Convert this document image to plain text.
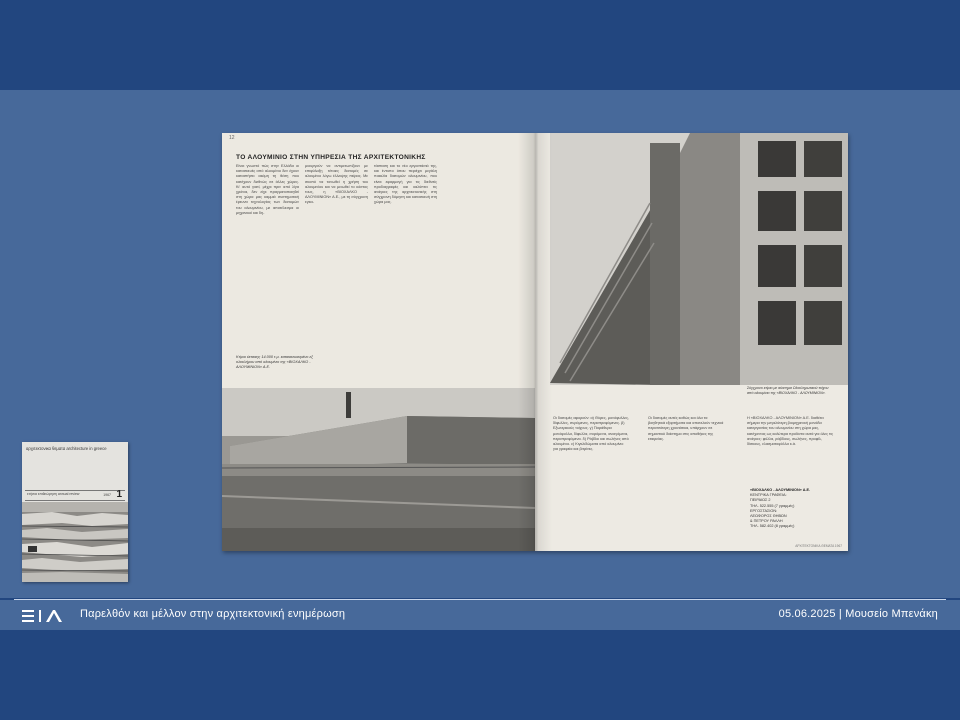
αρχιτεκτονικα θεματα architecture in greece
ετήσια επιθεώρηση annual review	1967 1
12
ΤΟ ΑΛΟΥΜΙΝΙΟ ΣΤΗΝ ΥΠΗΡΕΣΙΑ ΤΗΣ ΑΡΧΙΤΕΚΤΟΝΙΚΗΣ
Είναι γνωστό πώς στην Ελλάδα οι κατασκευές από αλουμίνιο δεν έχουν καταστήσει ακόμη τη θέση που κατέχουν διεθνώς σε άλλες χώρες. Κι' αυτό γιατί, μέχρι πριν από λίγα χρόνια, δεν είχε πραγματοποιηθεί στη χώρα μας καμμιά συστηματική έρευνα τεχνολογίας των διατομών του αλουμινίου, με αποτέλεσμα οι μηχανικοί και δη-
μιουργούν να αντιμετωπίζουν με επιφύλαξη τέτοιες διατομές σε αλουμίνιο λόγω έλλειψης πείρας. Με σκοπό να τονωθεί η χρήση του αλουμινίου και να μειωθεί το κόστος τους, η «ΒΙΟΧΑΛΚΟ - ΑΛΟΥΜΙΝΙΟΝ» Α.Ε., με τη σύγχρονη εγκα-
τάσταση και το νέο εργοστάσιό της, και έντυπο όπου περιέχει μεγάλη ποικιλία διατομών αλουμινίου, που είναι εφαρμογή για τις διεθνείς προδιαγραφές και καλύπτει τις ανάγκες της αρχιτεκτονικής στη σύγχρονη δόμηση και κατασκευή στη χώρα μας.
Κτίριο έκτασης 14.000 τ.μ. κατασκευασμένο εξ ολοκλήρου από αλουμίνιο της «ΒΙΟΧΑΛΚΟ - ΑΛΟΥΜΙΝΙΟΝ» Α.Ε.
Σύγχρονο κτίριο με σύστημα Ολοκληρωτικού τοίχου από αλουμίνιο της «ΒΙΟΧΑΛΚΟ - ΑΛΟΥΜΙΝΙΟΝ».
Οι διατομές αφορούν: α) Θύρες, μονόφυλλες, δίφυλλες, συρόμενες, περιστρεφόμενες. β) Εξωτερικούς τοίχους. γ) Παράθυρα μονόφυλλα, δίφυλλα, συρόμενα, ανοιγόμενα, περιστρεφόμενα. δ) Ράβδοι και σωλήνες από αλουμίνιο. ε) Κιγκλιδώματα από αλουμίνιο για γραφεία και βιτρίνες.
Οι διατομές αυτές καθώς και όλα τα βοηθητικά εξαρτήματα και αποτελούν τεχνικά περισσότερη χρονιάτικα, υπάρχουν σε σημαντικό διάστημα στις αποθήκες της εταιρείας.
Η «ΒΙΟΧΑΛΚΟ - ΑΛΟΥΜΙΝΙΟΝ» Α.Ε. διαθέτει σήμερα την μεγαλύτερη βιομηχανική μονάδα κατεργασίας του αλουμινίου στη χώρα μας, κατέχοντας ως καλύτερα προϊόντα αυτά για όλες τις ανάγκες: φύλλα, ράβδους, σωλήνες, προφίλ, δίσκους, ελασματοφύλλα κ.ά.
«ΒΙΟΧΑΛΚΟ - ΑΛΟΥΜΙΝΙΟΝ» Α.Ε.
ΚΕΝΤΡΙΚΑ ΓΡΑΦΕΙΑ:
ΠΕΙΡΑΙΩΣ 2
ΤΗΛ. 522.555 (7 γραμμές)
ΕΡΓΟΣΤΑΣΙΟΝ:
ΛΕΩΦΟΡΟΣ ΘΗΒΩΝ
& ΠΕΤΡΟΥ ΡΑΛΛΗ
ΤΗΛ. 582.402 (8 γραμμές)
ΑΡΧΙΤΕΚΤΟΝΙΚΑ ΘΕΜΑΤΑ 1967
Παρελθόν και μέλλον στην αρχιτεκτονική ενημέρωση	05.06.2025 | Μουσείο Μπενάκη
